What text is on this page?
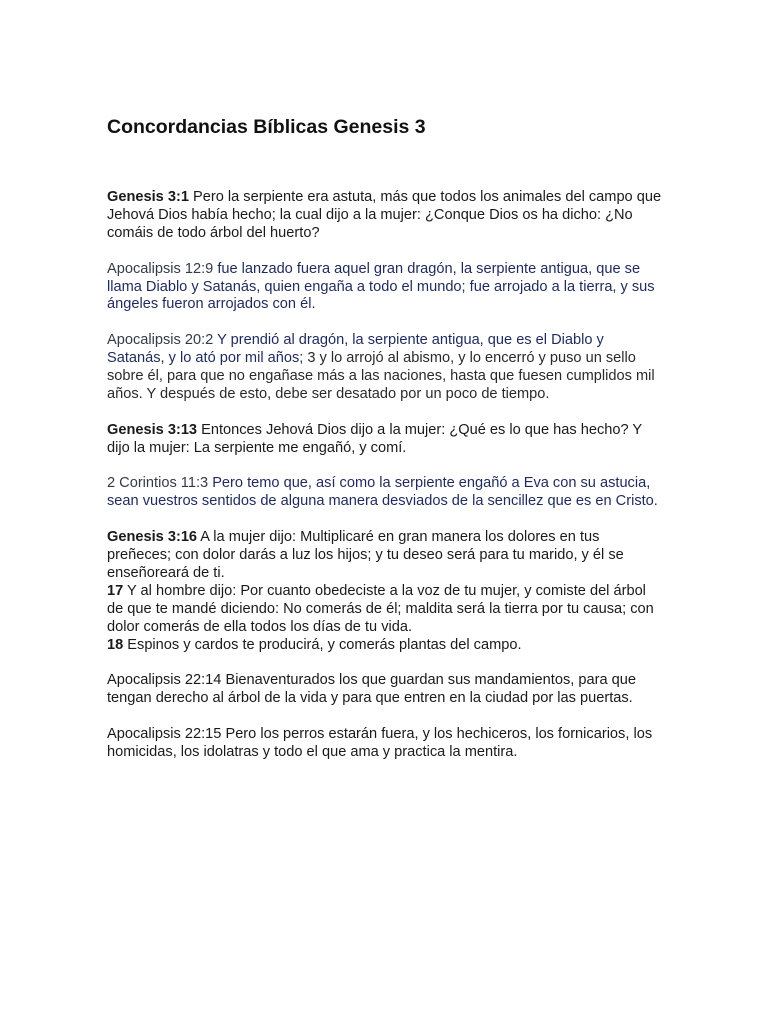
Concordancias Bíblicas Genesis 3

Genesis 3:1 Pero la serpiente era astuta, más que todos los animales del campo que Jehová Dios había hecho; la cual dijo a la mujer: ¿Conque Dios os ha dicho: ¿No comáis de todo árbol del huerto?

Apocalipsis 12:9 fue lanzado fuera aquel gran dragón, la serpiente antigua, que se llama Diablo y Satanás, quien engaña a todo el mundo; fue arrojado a la tierra, y sus ángeles fueron arrojados con él.

Apocalipsis 20:2 Y prendió al dragón, la serpiente antigua, que es el Diablo y Satanás, y lo ató por mil años; 3 y lo arrojó al abismo, y lo encerró y puso un sello sobre él, para que no engañase más a las naciones, hasta que fuesen cumplidos mil años. Y después de esto, debe ser desatado por un poco de tiempo.

Genesis 3:13 Entonces Jehová Dios dijo a la mujer: ¿Qué es lo que has hecho? Y dijo la mujer: La serpiente me engañó, y comí.

2 Corintios 11:3 Pero temo que, así como la serpiente engañó a Eva con su astucia, sean vuestros sentidos de alguna manera desviados de la sencillez que es en Cristo.

Genesis 3:16 A la mujer dijo: Multiplicaré en gran manera los dolores en tus preñeces; con dolor darás a luz los hijos; y tu deseo será para tu marido, y él se enseñoreará de ti.

17 Y al hombre dijo: Por cuanto obedeciste a la voz de tu mujer, y comiste del árbol de que te mandé diciendo: No comerás de él; maldita será la tierra por tu causa; con dolor comerás de ella todos los días de tu vida.

18 Espinos y cardos te producirá, y comerás plantas del campo.

Apocalipsis 22:14 Bienaventurados los que guardan sus mandamientos, para que tengan derecho al árbol de la vida y para que entren en la ciudad por las puertas.

Apocalipsis 22:15 Pero los perros estarán fuera, y los hechiceros, los fornicarios, los homicidas, los idolatras y todo el que ama y practica la mentira.
